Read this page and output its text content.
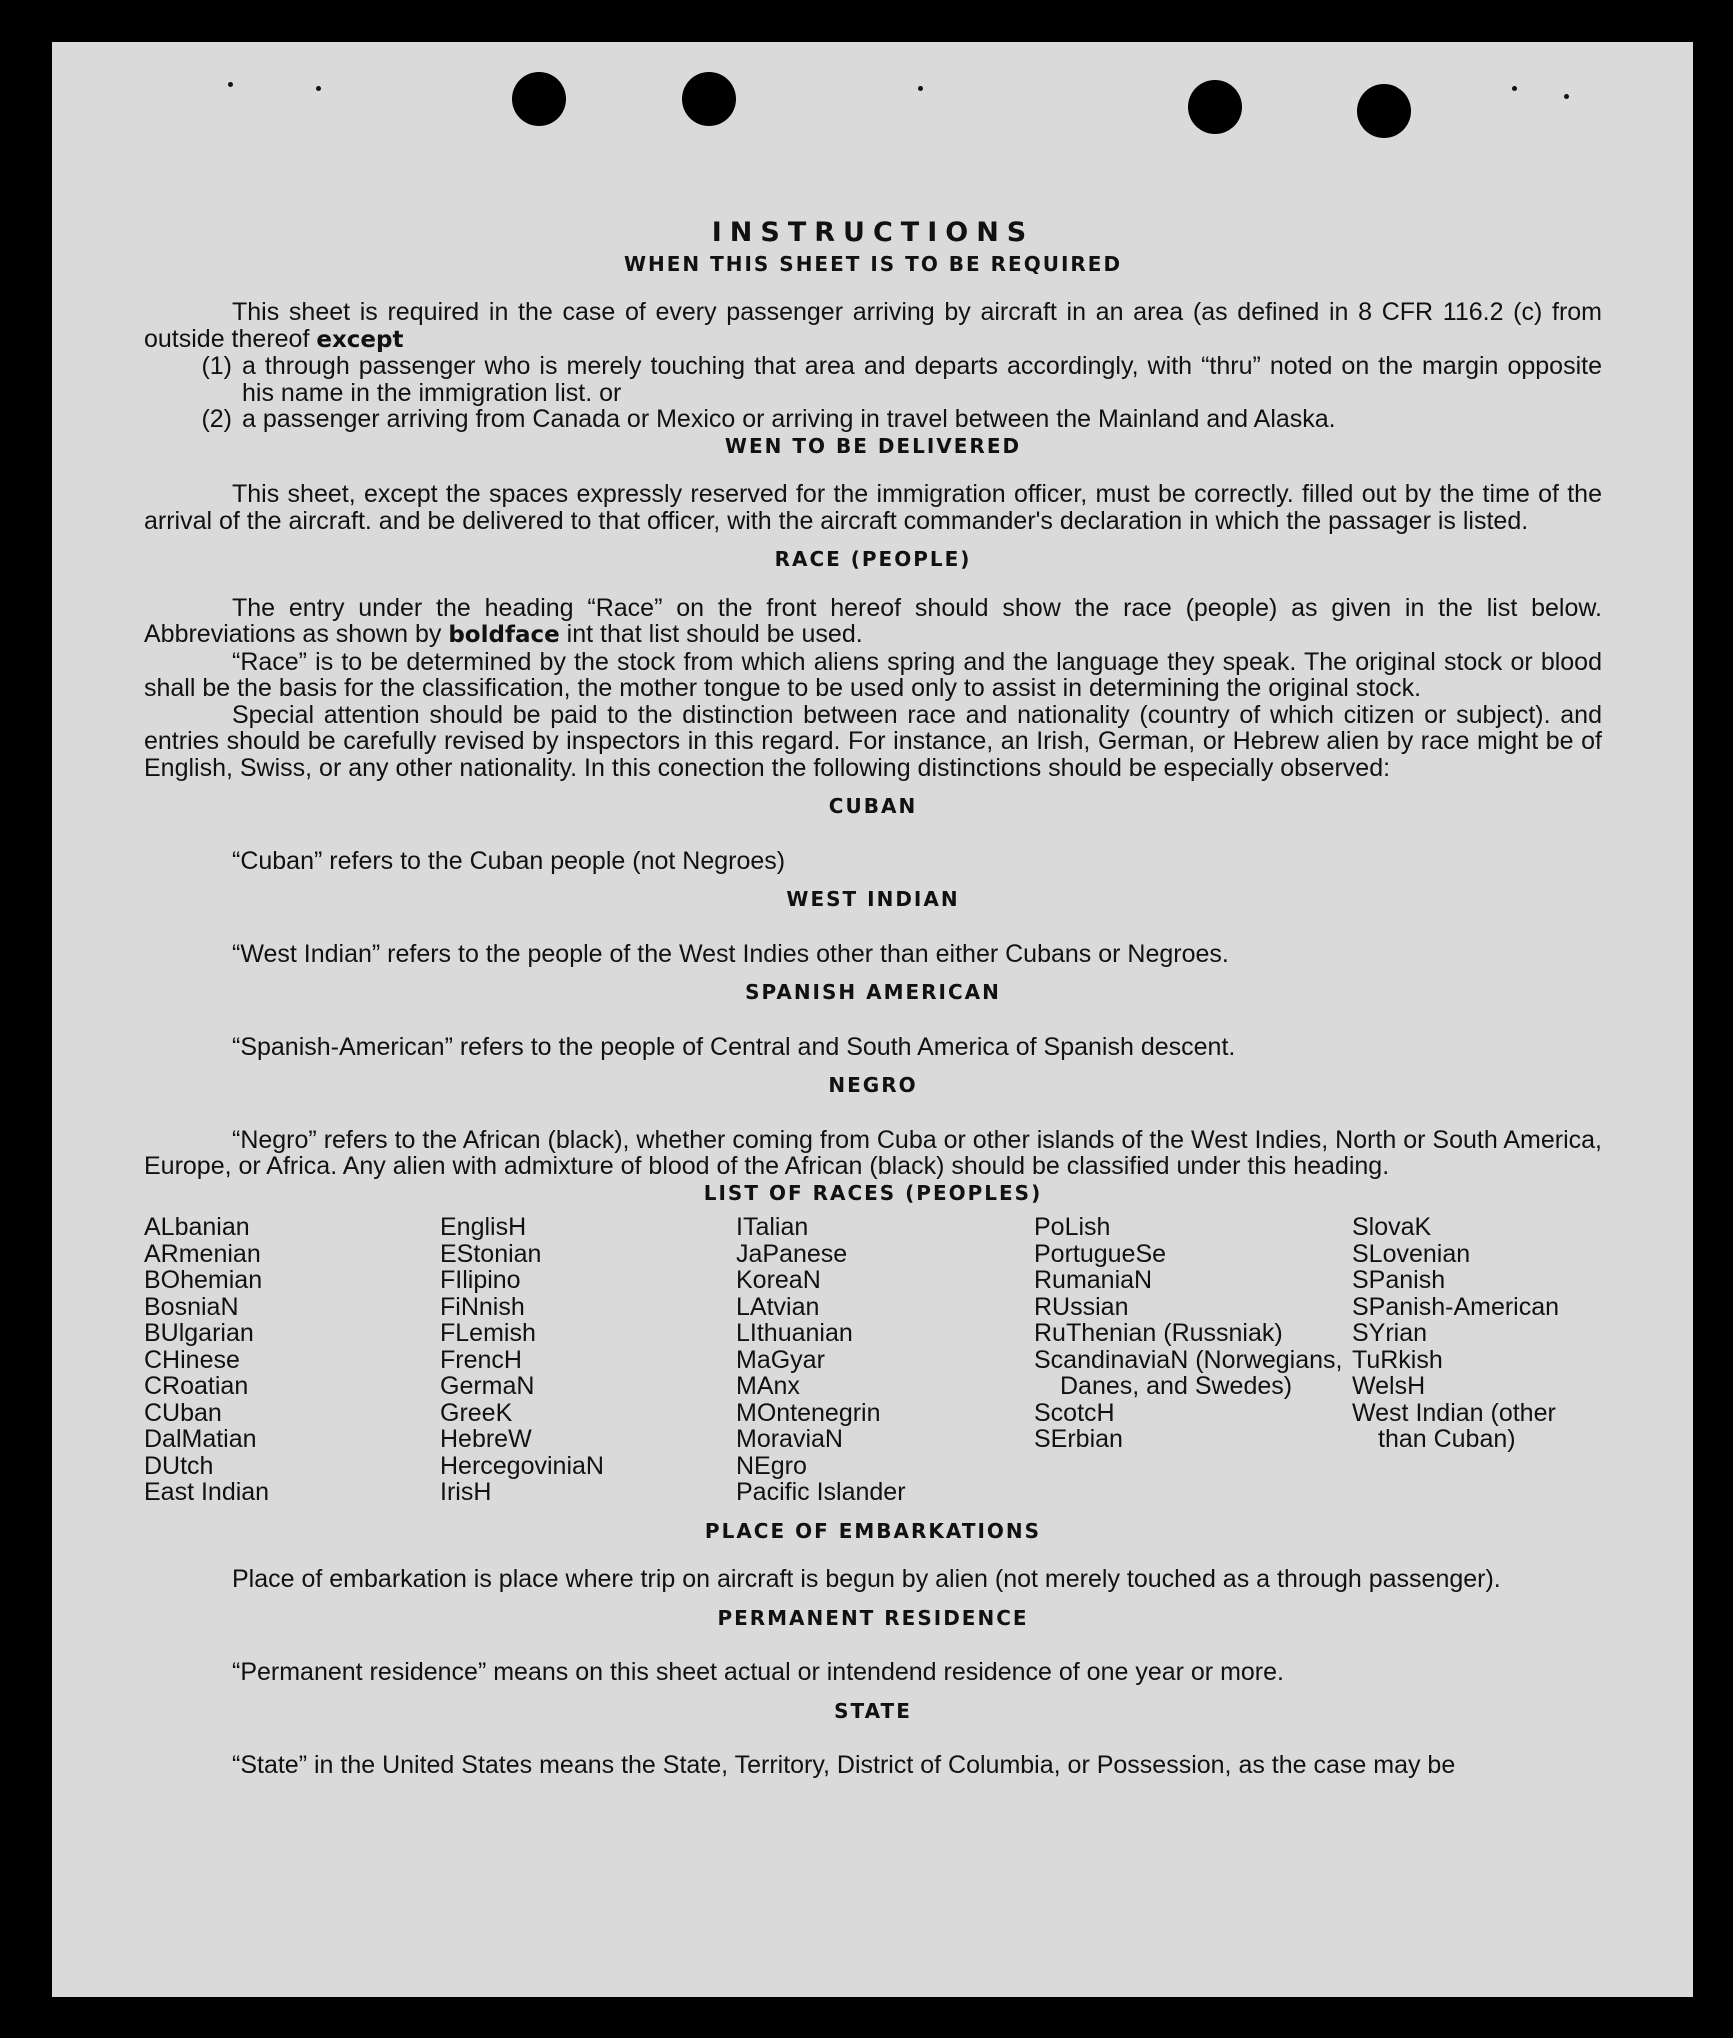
INSTRUCTIONS
WHEN THIS SHEET IS TO BE REQUIRED

This sheet is required in the case of every passenger arriving by aircraft in an area (as defined in 8 CFR 116.2 (c) from outside thereof except

(1) a through passenger who is merely touching that area and departs accordingly, with “thru” noted on the margin opposite his name in the immigration list. or
(2) a passenger arriving from Canada or Mexico or arriving in travel between the Mainland and Alaska.
WEN TO BE DELIVERED

This sheet, except the spaces expressly reserved for the immigration officer, must be correctly. filled out by the time of the arrival of the aircraft. and be delivered to that officer, with the aircraft commander's declaration in which the passager is listed.

RACE (PEOPLE)

The entry under the heading “Race” on the front hereof should show the race (people) as given in the list below. Abbreviations as shown by boldface int that list should be used.

“Race” is to be determined by the stock from which aliens spring and the language they speak. The original stock or blood shall be the basis for the classification, the mother tongue to be used only to assist in determining the original stock.

Special attention should be paid to the distinction between race and nationality (country of which citizen or subject). and entries should be carefully revised by inspectors in this regard. For instance, an Irish, German, or Hebrew alien by race might be of English, Swiss, or any other nationality. In this conection the following distinctions should be especially observed:

CUBAN

“Cuban” refers to the Cuban people (not Negroes)

WEST INDIAN

“West Indian” refers to the people of the West Indies other than either Cubans or Negroes.

SPANISH AMERICAN

“Spanish-American” refers to the people of Central and South America of Spanish descent.

NEGRO

“Negro” refers to the African (black), whether coming from Cuba or other islands of the West Indies, North or South America, Europe, or Africa. Any alien with admixture of blood of the African (black) should be classified under this heading.

LIST OF RACES (PEOPLES)
ALbanian
ARmenian
BOhemian
BosniaN
BUlgarian
CHinese
CRoatian
CUban
DalMatian
DUtch
East Indian
EnglisH
EStonian
FIlipino
FiNnish
FLemish
FrencH
GermaN
GreeK
HebreW
HercegoviniaN
IrisH
ITalian
JaPanese
KoreaN
LAtvian
LIthuanian
MaGyar
MAnx
MOntenegrin
MoraviaN
NEgro
Pacific Islander
PoLish
PortugueSe
RumaniaN
RUssian
RuThenian (Russniak)
ScandinaviaN (Norwegians, Danes, and Swedes)
ScotcH
SErbian
SlovaK
SLovenian
SPanish
SPanish-American
SYrian
TuRkish
WelsH
West Indian (other than Cuban)
PLACE OF EMBARKATIONS

Place of embarkation is place where trip on aircraft is begun by alien (not merely touched as a through passenger).

PERMANENT RESIDENCE

“Permanent residence” means on this sheet actual or intendend residence of one year or more.

STATE

“State” in the United States means the State, Territory, District of Columbia, or Possession, as the case may be
